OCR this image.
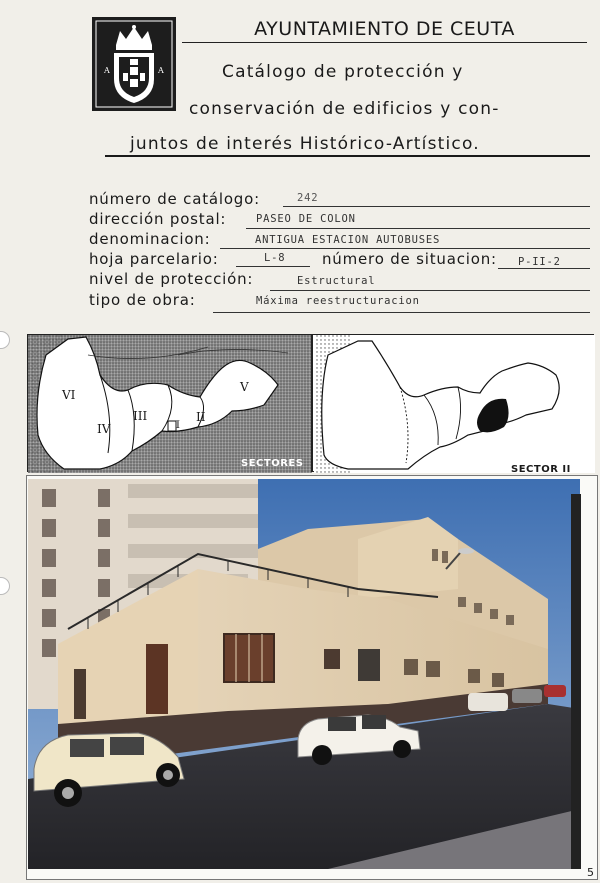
A	A
AYUNTAMIENTO DE CEUTA
Catálogo de protección y
conservación de edificios y con-
juntos de interés Histórico-Artístico.
número de catálogo:	242
dirección postal:	PASEO DE COLON
denominacion:	ANTIGUA ESTACION AUTOBUSES
hoja parcelario:	L-8 número de situacion: P-II-2
nivel de protección:	Estructural
tipo de obra:	Máxima reestructuracion
VI
IV
III	II
V
I
SECTORES
SECTOR II
5
